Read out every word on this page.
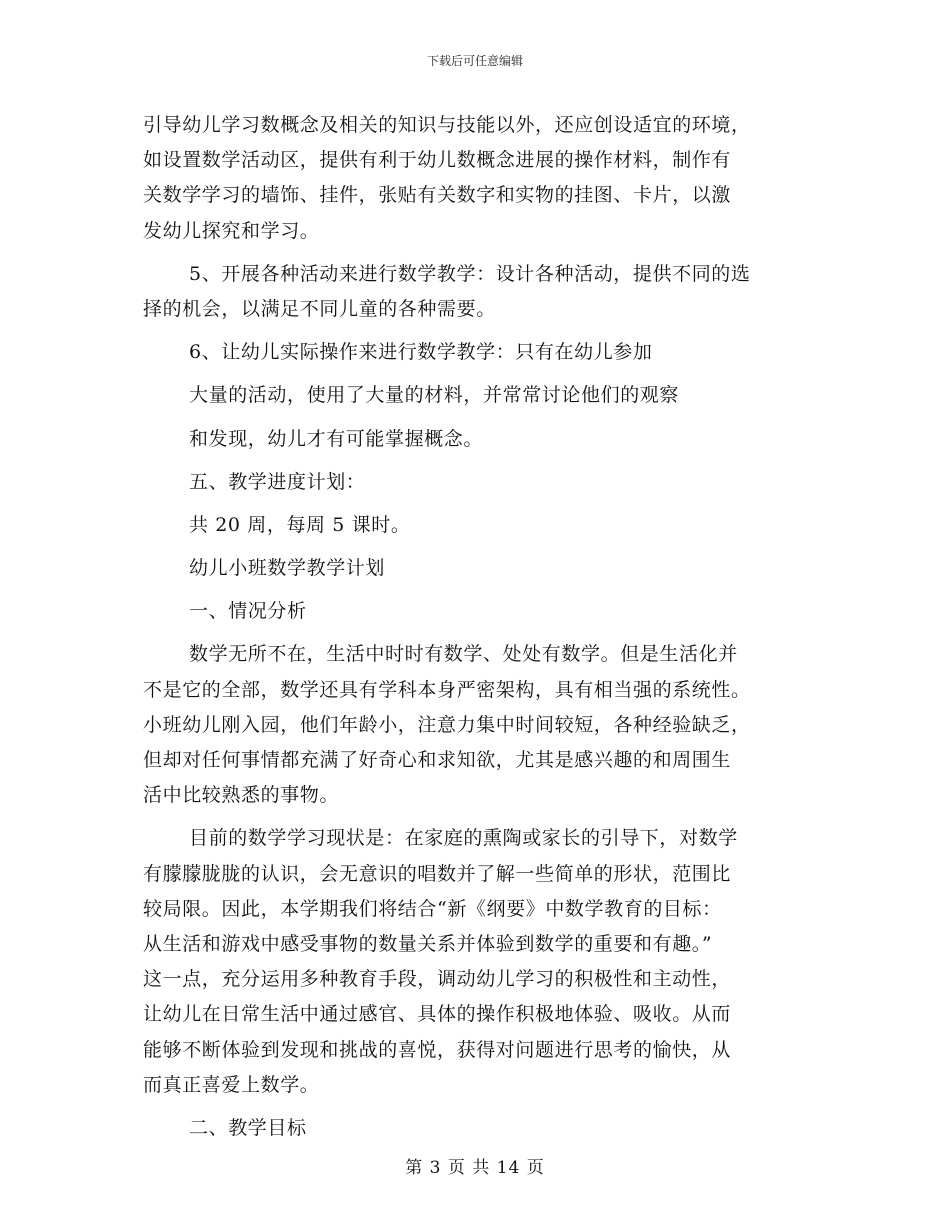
下载后可任意编辑
引导幼儿学习数概念及相关的知识与技能以外，还应创设适宜的环境，
如设置数学活动区，提供有利于幼儿数概念进展的操作材料，制作有
关数学学习的墙饰、挂件，张贴有关数字和实物的挂图、卡片，以激
发幼儿探究和学习。
5、开展各种活动来进行数学教学：设计各种活动，提供不同的选
择的机会，以满足不同儿童的各种需要。
6、让幼儿实际操作来进行数学教学：只有在幼儿参加
大量的活动，使用了大量的材料，并常常讨论他们的观察
和发现，幼儿才有可能掌握概念。
五、教学进度计划：
共 20 周，每周 5 课时。
幼儿小班数学教学计划
一、情况分析
数学无所不在，生活中时时有数学、处处有数学。但是生活化并
不是它的全部，数学还具有学科本身严密架构，具有相当强的系统性。
小班幼儿刚入园，他们年龄小，注意力集中时间较短，各种经验缺乏，
但却对任何事情都充满了好奇心和求知欲，尤其是感兴趣的和周围生
活中比较熟悉的事物。
目前的数学学习现状是：在家庭的熏陶或家长的引导下，对数学
有朦朦胧胧的认识，会无意识的唱数并了解一些简单的形状，范围比
较局限。因此，本学期我们将结合“新《纲要》中数学教育的目标：
从生活和游戏中感受事物的数量关系并体验到数学的重要和有趣。”
这一点，充分运用多种教育手段，调动幼儿学习的积极性和主动性，
让幼儿在日常生活中通过感官、具体的操作积极地体验、吸收。从而
能够不断体验到发现和挑战的喜悦，获得对问题进行思考的愉快，从
而真正喜爱上数学。
二、教学目标
第 3 页 共 14 页
